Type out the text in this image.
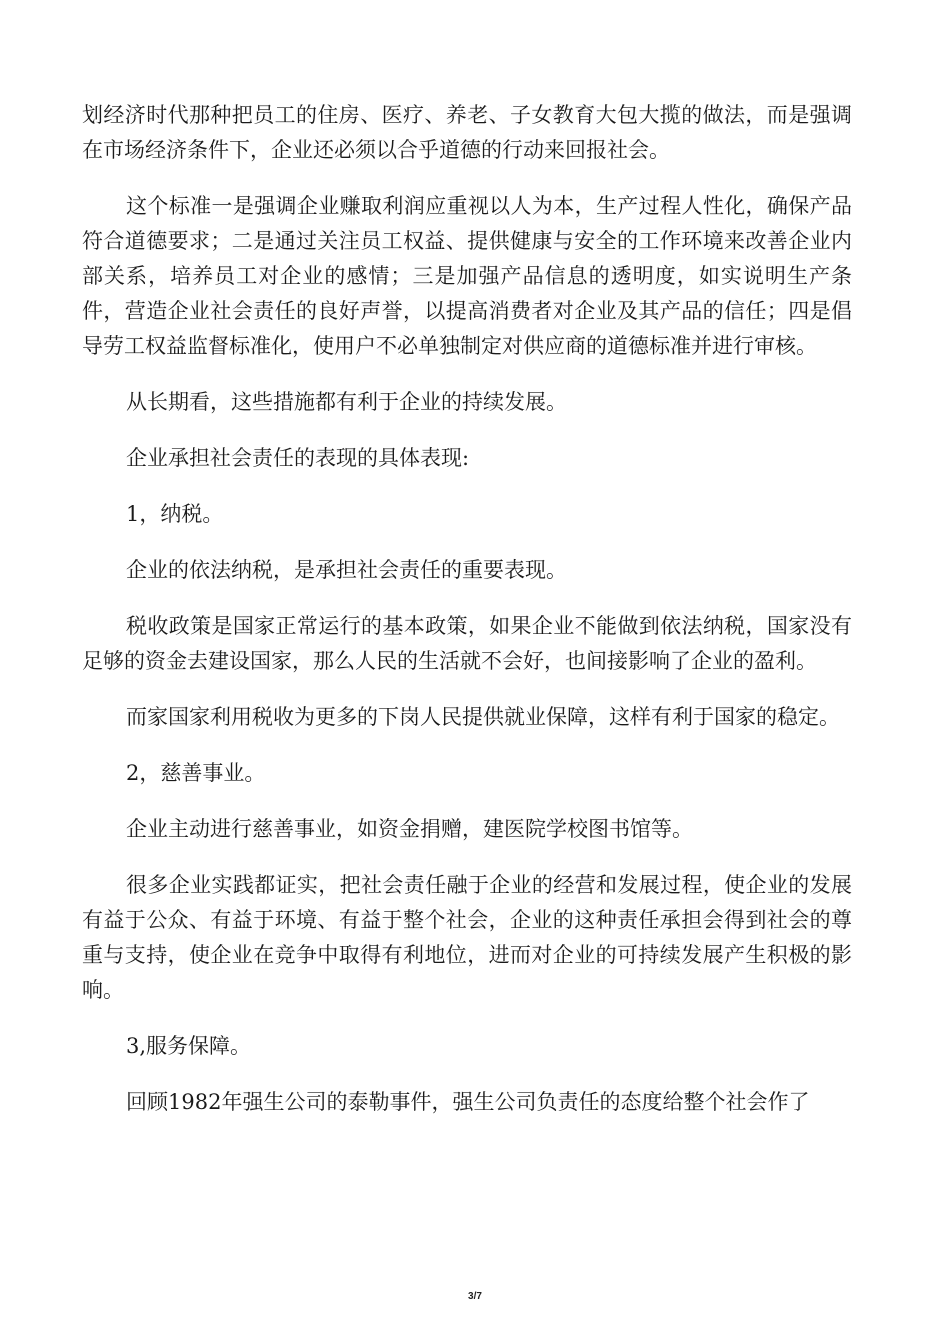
划经济时代那种把员工的住房、医疗、养老、子女教育大包大揽的做法，而是强调在市场经济条件下，企业还必须以合乎道德的行动来回报社会。

这个标准一是强调企业赚取利润应重视以人为本，生产过程人性化，确保产品符合道德要求；二是通过关注员工权益、提供健康与安全的工作环境来改善企业内部关系，培养员工对企业的感情；三是加强产品信息的透明度，如实说明生产条件，营造企业社会责任的良好声誉，以提高消费者对企业及其产品的信任；四是倡导劳工权益监督标准化，使用户不必单独制定对供应商的道德标准并进行审核。

从长期看，这些措施都有利于企业的持续发展。

企业承担社会责任的表现的具体表现:

1，纳税。

企业的依法纳税，是承担社会责任的重要表现。

税收政策是国家正常运行的基本政策，如果企业不能做到依法纳税，国家没有足够的资金去建设国家，那么人民的生活就不会好，也间接影响了企业的盈利。

而家国家利用税收为更多的下岗人民提供就业保障，这样有利于国家的稳定。

2，慈善事业。

企业主动进行慈善事业，如资金捐赠，建医院学校图书馆等。

很多企业实践都证实，把社会责任融于企业的经营和发展过程，使企业的发展有益于公众、有益于环境、有益于整个社会，企业的这种责任承担会得到社会的尊重与支持，使企业在竞争中取得有利地位，进而对企业的可持续发展产生积极的影响。

3,服务保障。

回顾1982年强生公司的泰勒事件，强生公司负责任的态度给整个社会作了

3/7
